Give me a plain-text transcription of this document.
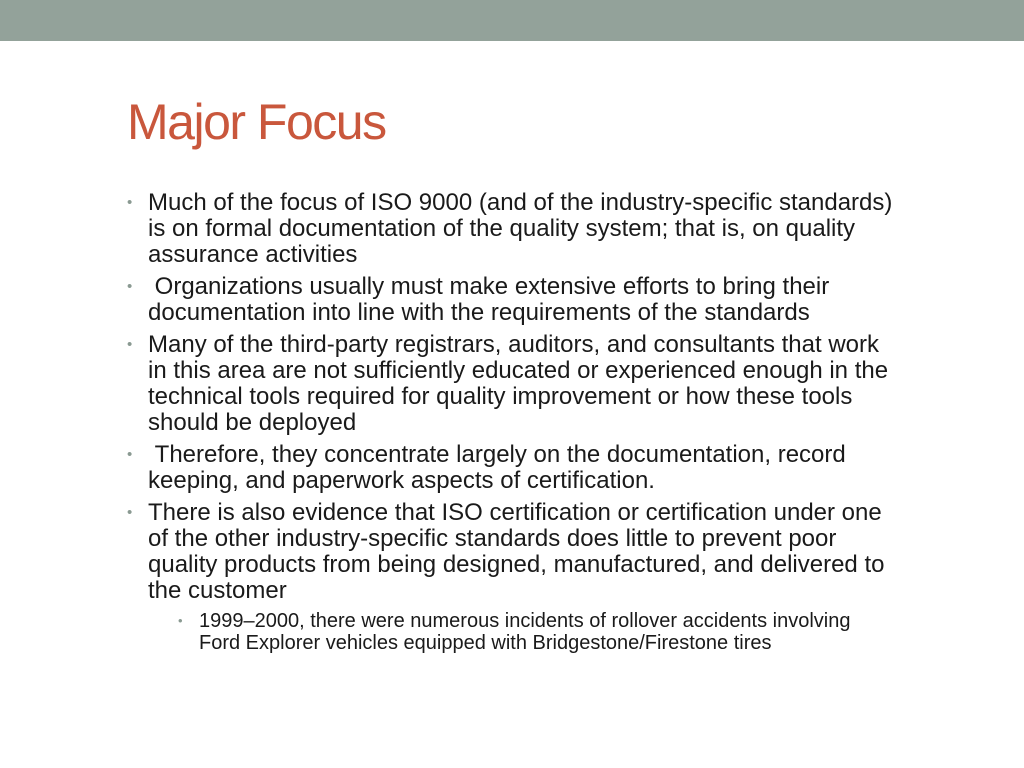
Major Focus
• Much of the focus of ISO 9000 (and of the industry-specific standards) is on formal documentation of the quality system; that is, on quality assurance activities
• Organizations usually must make extensive efforts to bring their documentation into line with the requirements of the standards
• Many of the third-party registrars, auditors, and consultants that work in this area are not sufficiently educated or experienced enough in the technical tools required for quality improvement or how these tools should be deployed
• Therefore, they concentrate largely on the documentation, record keeping, and paperwork aspects of certification.
• There is also evidence that ISO certification or certification under one of the other industry-specific standards does little to prevent poor quality products from being designed, manufactured, and delivered to the customer
• 1999–2000, there were numerous incidents of rollover accidents involving Ford Explorer vehicles equipped with Bridgestone/Firestone tires
